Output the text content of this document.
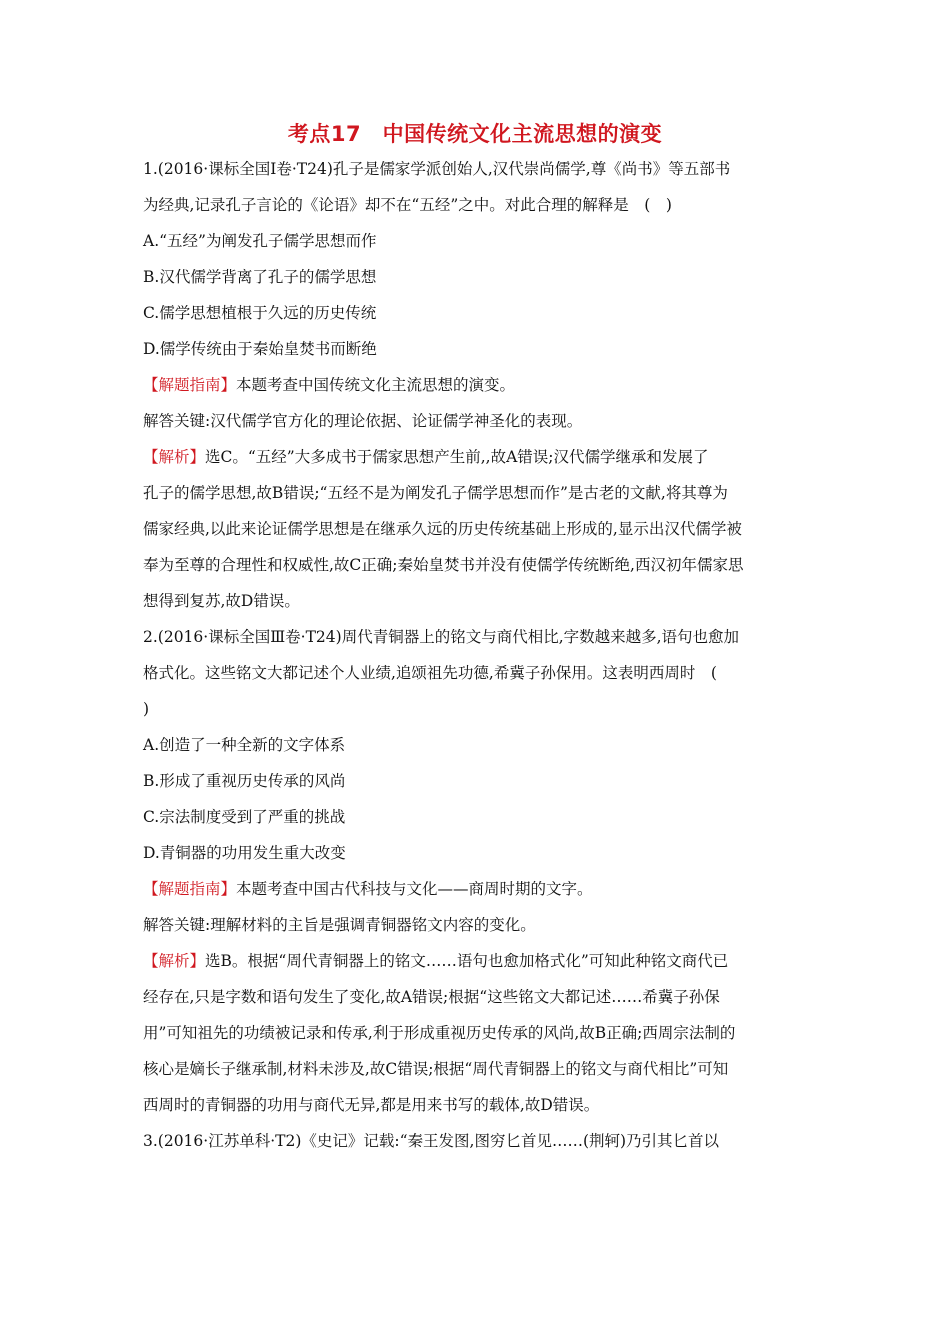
考点17　中国传统文化主流思想的演变
1.(2016·课标全国Ⅰ卷·T24)孔子是儒家学派创始人,汉代崇尚儒学,尊《尚书》等五部书
为经典,记录孔子言论的《论语》却不在“五经”之中。对此合理的解释是　(　)
A.“五经”为阐发孔子儒学思想而作
B.汉代儒学背离了孔子的儒学思想
C.儒学思想植根于久远的历史传统
D.儒学传统由于秦始皇焚书而断绝
【解题指南】本题考查中国传统文化主流思想的演变。
解答关键:汉代儒学官方化的理论依据、论证儒学神圣化的表现。
【解析】选C。“五经”大多成书于儒家思想产生前,,故A错误;汉代儒学继承和发展了
孔子的儒学思想,故B错误;“五经不是为阐发孔子儒学思想而作”是古老的文献,将其尊为
儒家经典,以此来论证儒学思想是在继承久远的历史传统基础上形成的,显示出汉代儒学被
奉为至尊的合理性和权威性,故C正确;秦始皇焚书并没有使儒学传统断绝,西汉初年儒家思
想得到复苏,故D错误。
2.(2016·课标全国Ⅲ卷·T24)周代青铜器上的铭文与商代相比,字数越来越多,语句也愈加
格式化。这些铭文大都记述个人业绩,追颂祖先功德,希冀子孙保用。这表明西周时　(
)
A.创造了一种全新的文字体系
B.形成了重视历史传承的风尚
C.宗法制度受到了严重的挑战
D.青铜器的功用发生重大改变
【解题指南】本题考查中国古代科技与文化——商周时期的文字。
解答关键:理解材料的主旨是强调青铜器铭文内容的变化。
【解析】选B。根据“周代青铜器上的铭文……语句也愈加格式化”可知此种铭文商代已
经存在,只是字数和语句发生了变化,故A错误;根据“这些铭文大都记述……希冀子孙保
用”可知祖先的功绩被记录和传承,利于形成重视历史传承的风尚,故B正确;西周宗法制的
核心是嫡长子继承制,材料未涉及,故C错误;根据“周代青铜器上的铭文与商代相比”可知
西周时的青铜器的功用与商代无异,都是用来书写的载体,故D错误。
3.(2016·江苏单科·T2)《史记》记载:“秦王发图,图穷匕首见……(荆轲)乃引其匕首以
